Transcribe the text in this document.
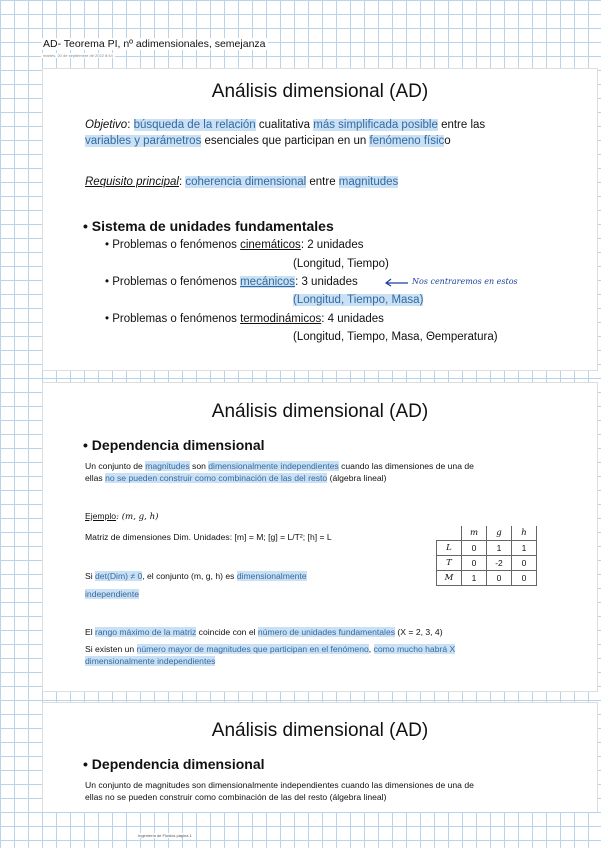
AD- Teorema PI, nº adimensionales, semejanza
martes, 20 de septiembre de 2022 8:44
Análisis dimensional (AD)
Objetivo: búsqueda de la relación cualitativa más simplificada posible entre las
variables y parámetros esenciales que participan en un fenómeno físico
Requisito principal: coherencia dimensional entre magnitudes
• Sistema de unidades fundamentales
• Problemas o fenómenos cinemáticos: 2 unidades
(Longitud, Tiempo)
• Problemas o fenómenos mecánicos: 3 unidades	Nos centraremos en estos
(Longitud, Tiempo, Masa)
• Problemas o fenómenos termodinámicos: 4 unidades
(Longitud, Tiempo, Masa, Θemperatura)
Análisis dimensional (AD)
• Dependencia dimensional
Un conjunto de magnitudes son dimensionalmente independientes cuando las dimensiones de una de
ellas no se pueden construir como combinación de las del resto (álgebra lineal)
Ejemplo: (m, g, h)
Matriz de dimensiones Dim. Unidades: [m] = M; [g] = L/T²; [h] = L
		m	g	h
L	0	1	1
T	0	-2	0
M	1	0	0
Si det(Dim) ≠ 0, el conjunto (m, g, h) es dimensionalmente
independiente
El rango máximo de la matriz coincide con el número de unidades fundamentales (X = 2, 3, 4)
Si existen un número mayor de magnitudes que participan en el fenómeno, como mucho habrá X
dimensionalmente independientes
Análisis dimensional (AD)
• Dependencia dimensional
Un conjunto de magnitudes son dimensionalmente independientes cuando las dimensiones de una de
ellas no se pueden construir como combinación de las del resto (álgebra lineal)
Ingeniería de Fluidos página 1
